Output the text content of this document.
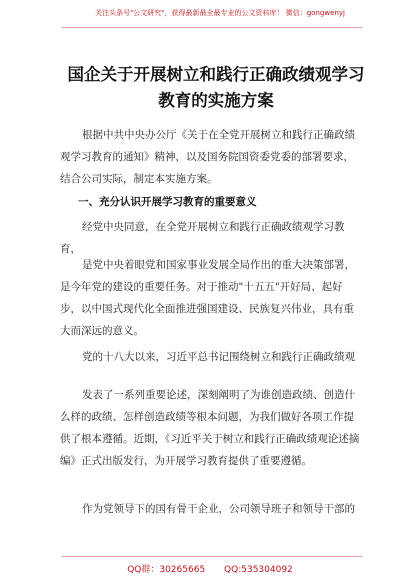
关注头条号"公文研究"，获得最新最全最专业的公文资料库！ 微信：gongwenyj
国企关于开展树立和践行正确政绩观学习
教育的实施方案
根据中共中央办公厅《关于在全党开展树立和践行正确政绩观学习教育的通知》精神，以及国务院国资委党委的部署要求，结合公司实际，制定本实施方案。
一、充分认识开展学习教育的重要意义
经党中央同意，在全党开展树立和践行正确政绩观学习教育，
是党中央着眼党和国家事业发展全局作出的重大决策部署，是今年党的建设的重要任务。对于推动"十五五"开好局、起好步，以中国式现代化全面推进强国建设、民族复兴伟业，具有重大而深远的意义。
党的十八大以来，习近平总书记围绕树立和践行正确政绩观
发表了一系列重要论述，深刻阐明了为谁创造政绩、创造什么样的政绩、怎样创造政绩等根本问题，为我们做好各项工作提供了根本遵循。近期，《习近平关于树立和践行正确政绩观论述摘编》正式出版发行，为开展学习教育提供了重要遵循。
作为党领导下的国有骨干企业，公司领导班子和领导干部的
QQ群：30265665 QQ:535304092
